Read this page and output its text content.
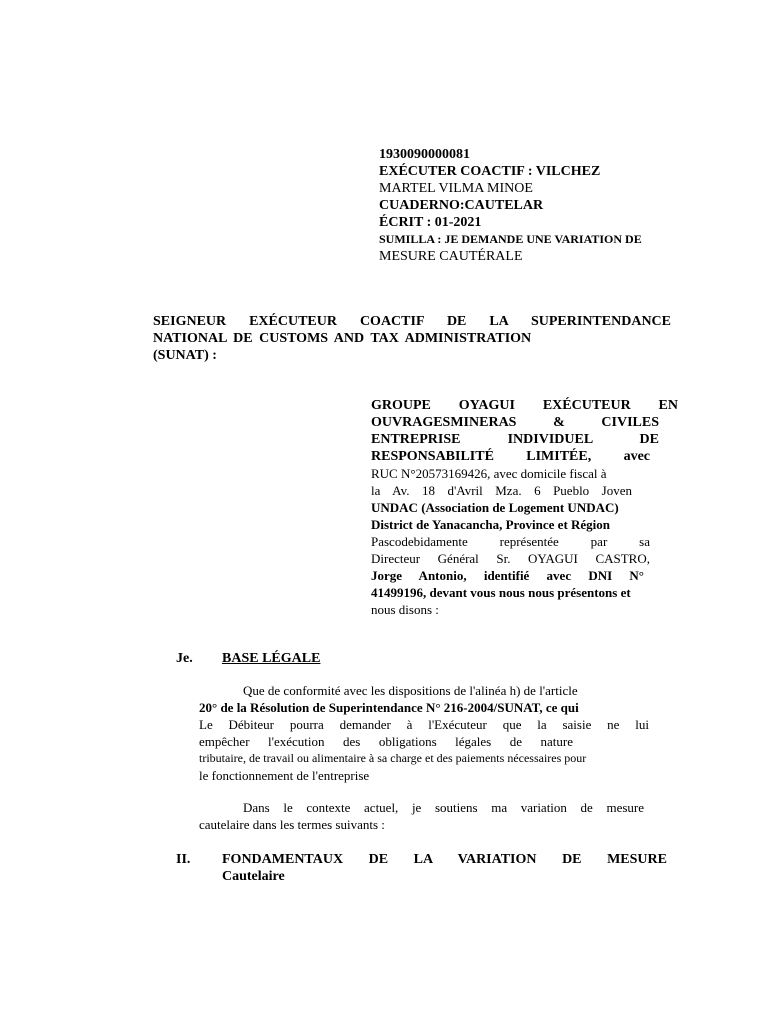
1930090000081
EXÉCUTER COACTIF : VILCHEZ
MARTEL VILMA MINOE
CUADERNO:CAUTELAR
ÉCRIT : 01-2021
SUMILLA : JE DEMANDE UNE VARIATION DE
MESURE CAUTÉRALE
SEIGNEUR EXÉCUTEUR COACTIF DE LA SUPERINTENDANCE
NATIONAL DE CUSTOMS AND TAX ADMINISTRATION
(SUNAT) :
GROUPE OYAGUI EXÉCUTEUR EN
OUVRAGESMINERAS & CIVILES
ENTREPRISE INDIVIDUEL DE
RESPONSABILITÉ LIMITÉE, avec
RUC N°20573169426, avec domicile fiscal à
la Av. 18 d'Avril Mza. 6 Pueblo Joven
UNDAC (Association de Logement UNDAC)
District de Yanacancha, Province et Région
Pascodebidamente représentée par sa
Directeur Général Sr. OYAGUI CASTRO,
Jorge Antonio, identifié avec DNI N°
41499196, devant vous nous nous présentons et
nous disons :
Je. BASE LÉGALE
Que de conformité avec les dispositions de l'alinéa h) de l'article
20° de la Résolution de Superintendance N° 216-2004/SUNAT, ce qui
Le Débiteur pourra demander à l'Exécuteur que la saisie ne lui
empêcher l'exécution des obligations légales de nature
tributaire, de travail ou alimentaire à sa charge et des paiements nécessaires pour
le fonctionnement de l'entreprise
Dans le contexte actuel, je soutiens ma variation de mesure
cautelaire dans les termes suivants :
II. FONDAMENTAUX DE LA VARIATION DE MESURE
Cautelaire
